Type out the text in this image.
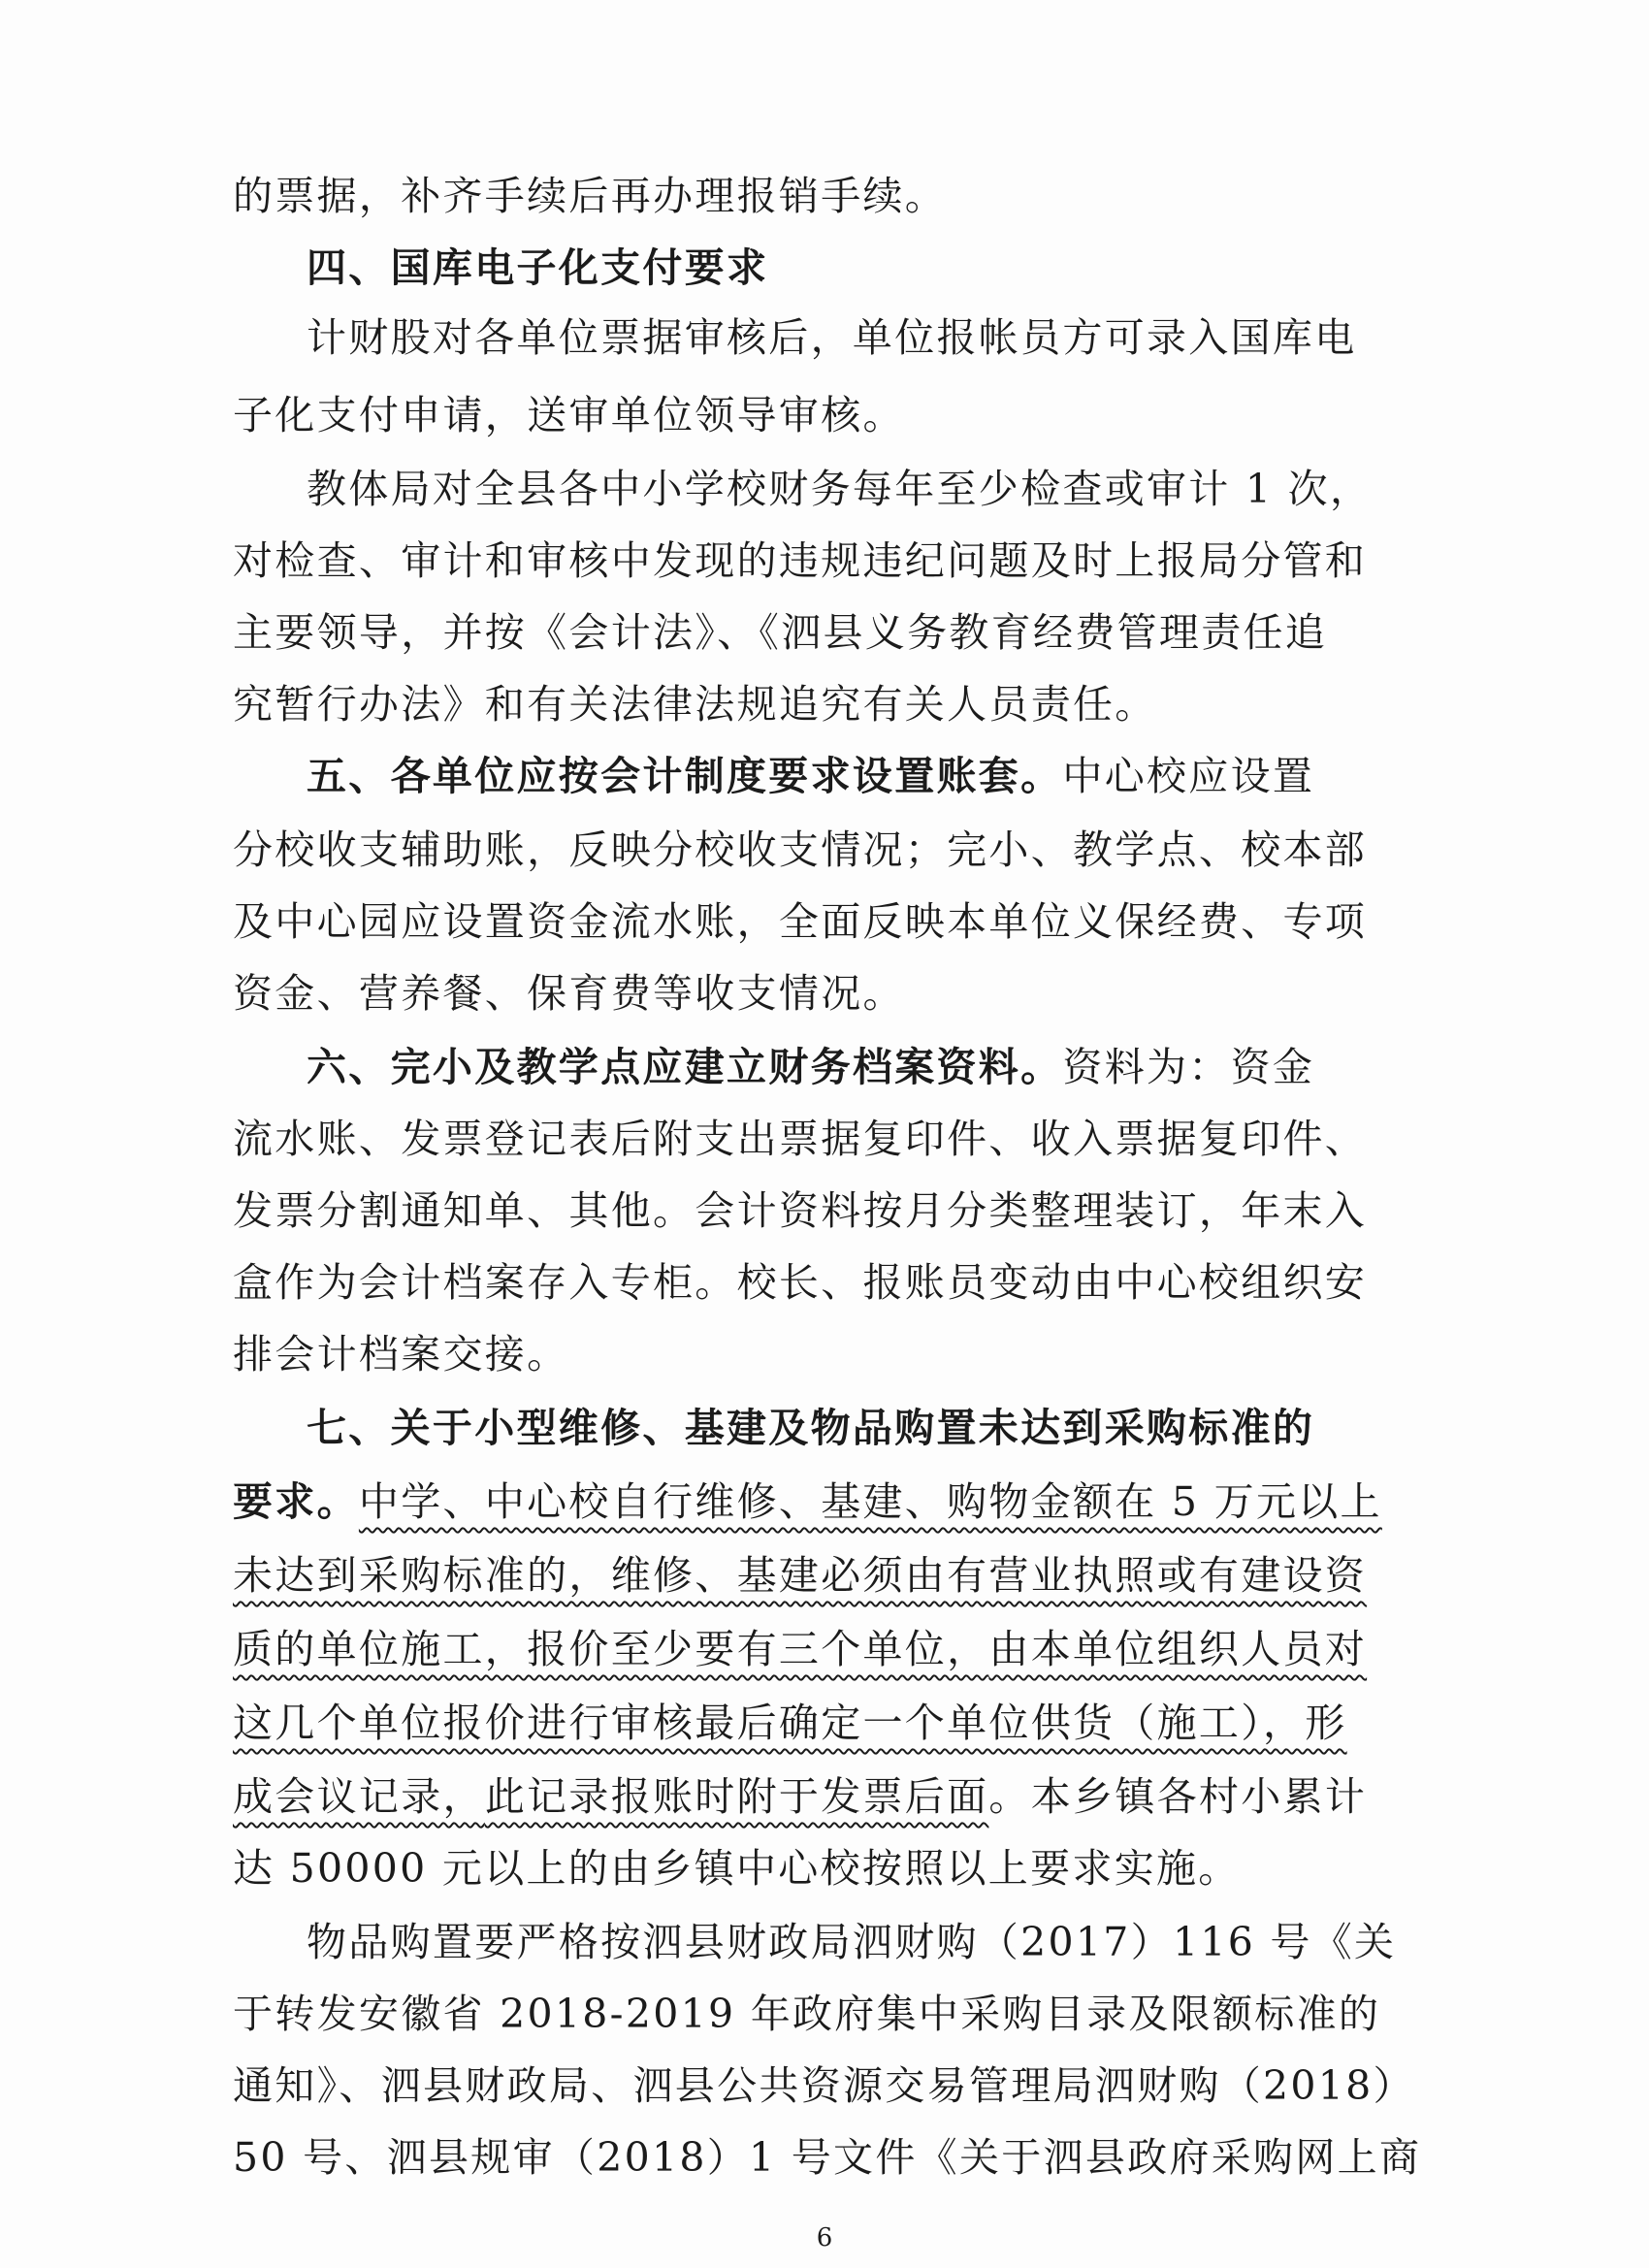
的票据，补齐手续后再办理报销手续。
四、国库电子化支付要求
计财股对各单位票据审核后，单位报帐员方可录入国库电
子化支付申请，送审单位领导审核。
教体局对全县各中小学校财务每年至少检查或审计 1 次，
对检查、审计和审核中发现的违规违纪问题及时上报局分管和
主要领导，并按《会计法》、《泗县义务教育经费管理责任追
究暂行办法》和有关法律法规追究有关人员责任。
五、各单位应按会计制度要求设置账套。中心校应设置
分校收支辅助账，反映分校收支情况；完小、教学点、校本部
及中心园应设置资金流水账，全面反映本单位义保经费、专项
资金、营养餐、保育费等收支情况。
六、完小及教学点应建立财务档案资料。资料为：资金
流水账、发票登记表后附支出票据复印件、收入票据复印件、
发票分割通知单、其他。会计资料按月分类整理装订，年末入
盒作为会计档案存入专柜。校长、报账员变动由中心校组织安
排会计档案交接。
七、关于小型维修、基建及物品购置未达到采购标准的
要求。中学、中心校自行维修、基建、购物金额在 5 万元以上
未达到采购标准的，维修、基建必须由有营业执照或有建设资
质的单位施工，报价至少要有三个单位，由本单位组织人员对
这几个单位报价进行审核最后确定一个单位供货（施工），形
成会议记录，此记录报账时附于发票后面。本乡镇各村小累计
达 50000 元以上的由乡镇中心校按照以上要求实施。
物品购置要严格按泗县财政局泗财购（2017）116 号《关
于转发安徽省 2018-2019 年政府集中采购目录及限额标准的
通知》、泗县财政局、泗县公共资源交易管理局泗财购（2018）
50 号、泗县规审（2018）1 号文件《关于泗县政府采购网上商
6
